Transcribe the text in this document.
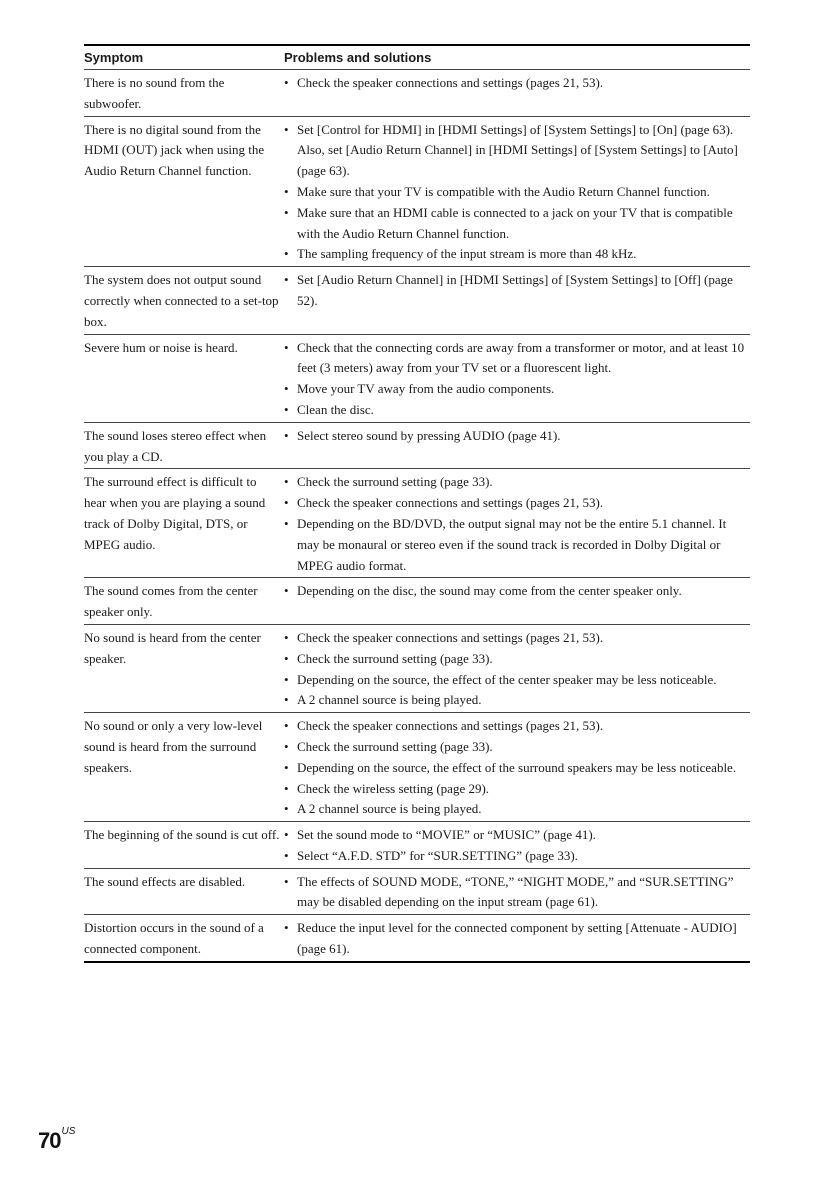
Symptom	Problems and solutions
There is no sound from the subwoofer.
• Check the speaker connections and settings (pages 21, 53).
There is no digital sound from the HDMI (OUT) jack when using the Audio Return Channel function.
• Set [Control for HDMI] in [HDMI Settings] of [System Settings] to [On] (page 63). Also, set [Audio Return Channel] in [HDMI Settings] of [System Settings] to [Auto] (page 63).
• Make sure that your TV is compatible with the Audio Return Channel function.
• Make sure that an HDMI cable is connected to a jack on your TV that is compatible with the Audio Return Channel function.
• The sampling frequency of the input stream is more than 48 kHz.
The system does not output sound correctly when connected to a set-top box.
• Set [Audio Return Channel] in [HDMI Settings] of [System Settings] to [Off] (page 52).
Severe hum or noise is heard.	• Check that the connecting cords are away from a transformer or motor, and at least 10 feet (3 meters) away from your TV set or a fluorescent light.
• Move your TV away from the audio components.
• Clean the disc.
The sound loses stereo effect when you play a CD.
• Select stereo sound by pressing AUDIO (page 41).
The surround effect is difficult to hear when you are playing a sound track of Dolby Digital, DTS, or MPEG audio.
• Check the surround setting (page 33).
• Check the speaker connections and settings (pages 21, 53).
• Depending on the BD/DVD, the output signal may not be the entire 5.1 channel. It may be monaural or stereo even if the sound track is recorded in Dolby Digital or MPEG audio format.
The sound comes from the center speaker only.
• Depending on the disc, the sound may come from the center speaker only.
No sound is heard from the center speaker.
• Check the speaker connections and settings (pages 21, 53).
• Check the surround setting (page 33).
• Depending on the source, the effect of the center speaker may be less noticeable.
• A 2 channel source is being played.
No sound or only a very low-level sound is heard from the surround speakers.
• Check the speaker connections and settings (pages 21, 53).
• Check the surround setting (page 33).
• Depending on the source, the effect of the surround speakers may be less noticeable.
• Check the wireless setting (page 29).
• A 2 channel source is being played.
The beginning of the sound is cut off.	• Set the sound mode to “MOVIE” or “MUSIC” (page 41).
• Select “A.F.D. STD” for “SUR.SETTING” (page 33).
The sound effects are disabled.	• The effects of SOUND MODE, “TONE,” “NIGHT MODE,” and “SUR.SETTING” may be disabled depending on the input stream (page 61).
Distortion occurs in the sound of a connected component.
• Reduce the input level for the connected component by setting [Attenuate - AUDIO] (page 61).
$70^{US}$
